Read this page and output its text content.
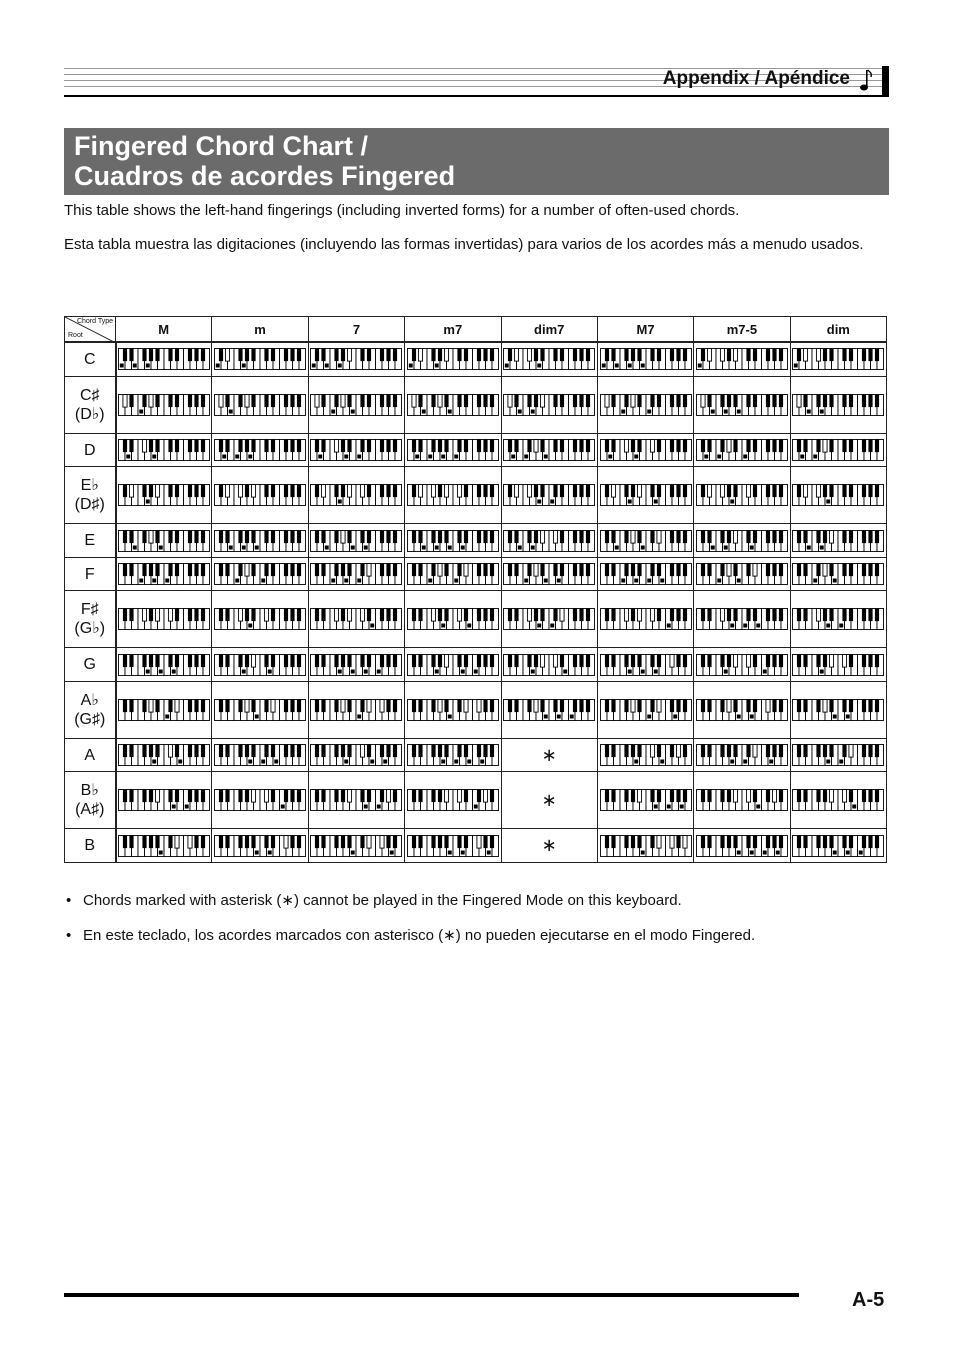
Appendix / Apéndice
Fingered Chord Chart /
Cuadros de acordes Fingered
This table shows the left-hand fingerings (including inverted forms) for a number of often-used chords.
Esta tabla muestra las digitaciones (incluyendo las formas invertidas) para varios de los acordes más a menudo usados.
Chord Type
Root	M	m	7	m7	dim7	M7	m7-5	dim

C

C♯
(D♭)

D

E♭
(D♯)

E

F

F♯
(G♭)

G

A♭
(G♯)

A					∗	

B♭
(A♯)					∗	

B					∗	

• Chords marked with asterisk (∗) cannot be played in the Fingered Mode on this keyboard.
• En este teclado, los acordes marcados con asterisco (∗) no pueden ejecutarse en el modo Fingered.
A-5
